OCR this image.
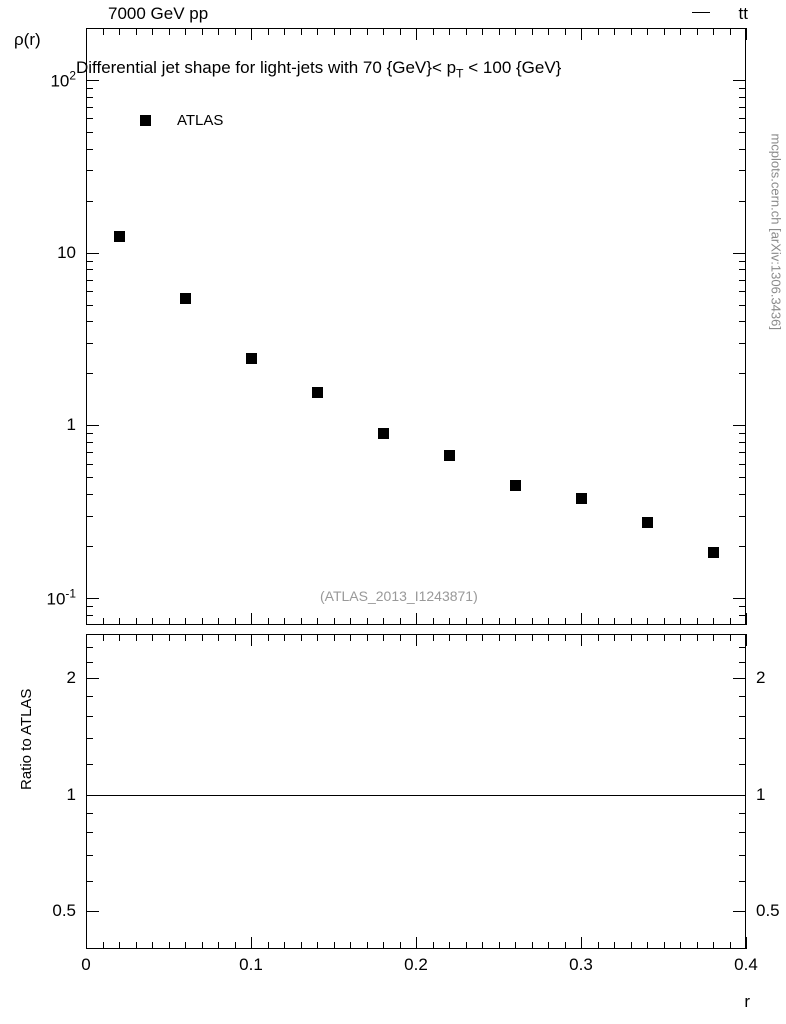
7000 GeV pp	tt
ρ(r)
Differential jet shape for light-jets with 70 $\{GeV\}< p_T < 100$ {GeV}
ATLAS
(ATLAS_2013_I1243871)
mcplots.cern.ch [arXiv:1306.3436]
Ratio to ATLAS
r
0	0.1	0.2	0.3	0.4
$10^2$
10
1
$10^{-1}$
2	2
1	1
0.5	0.5
